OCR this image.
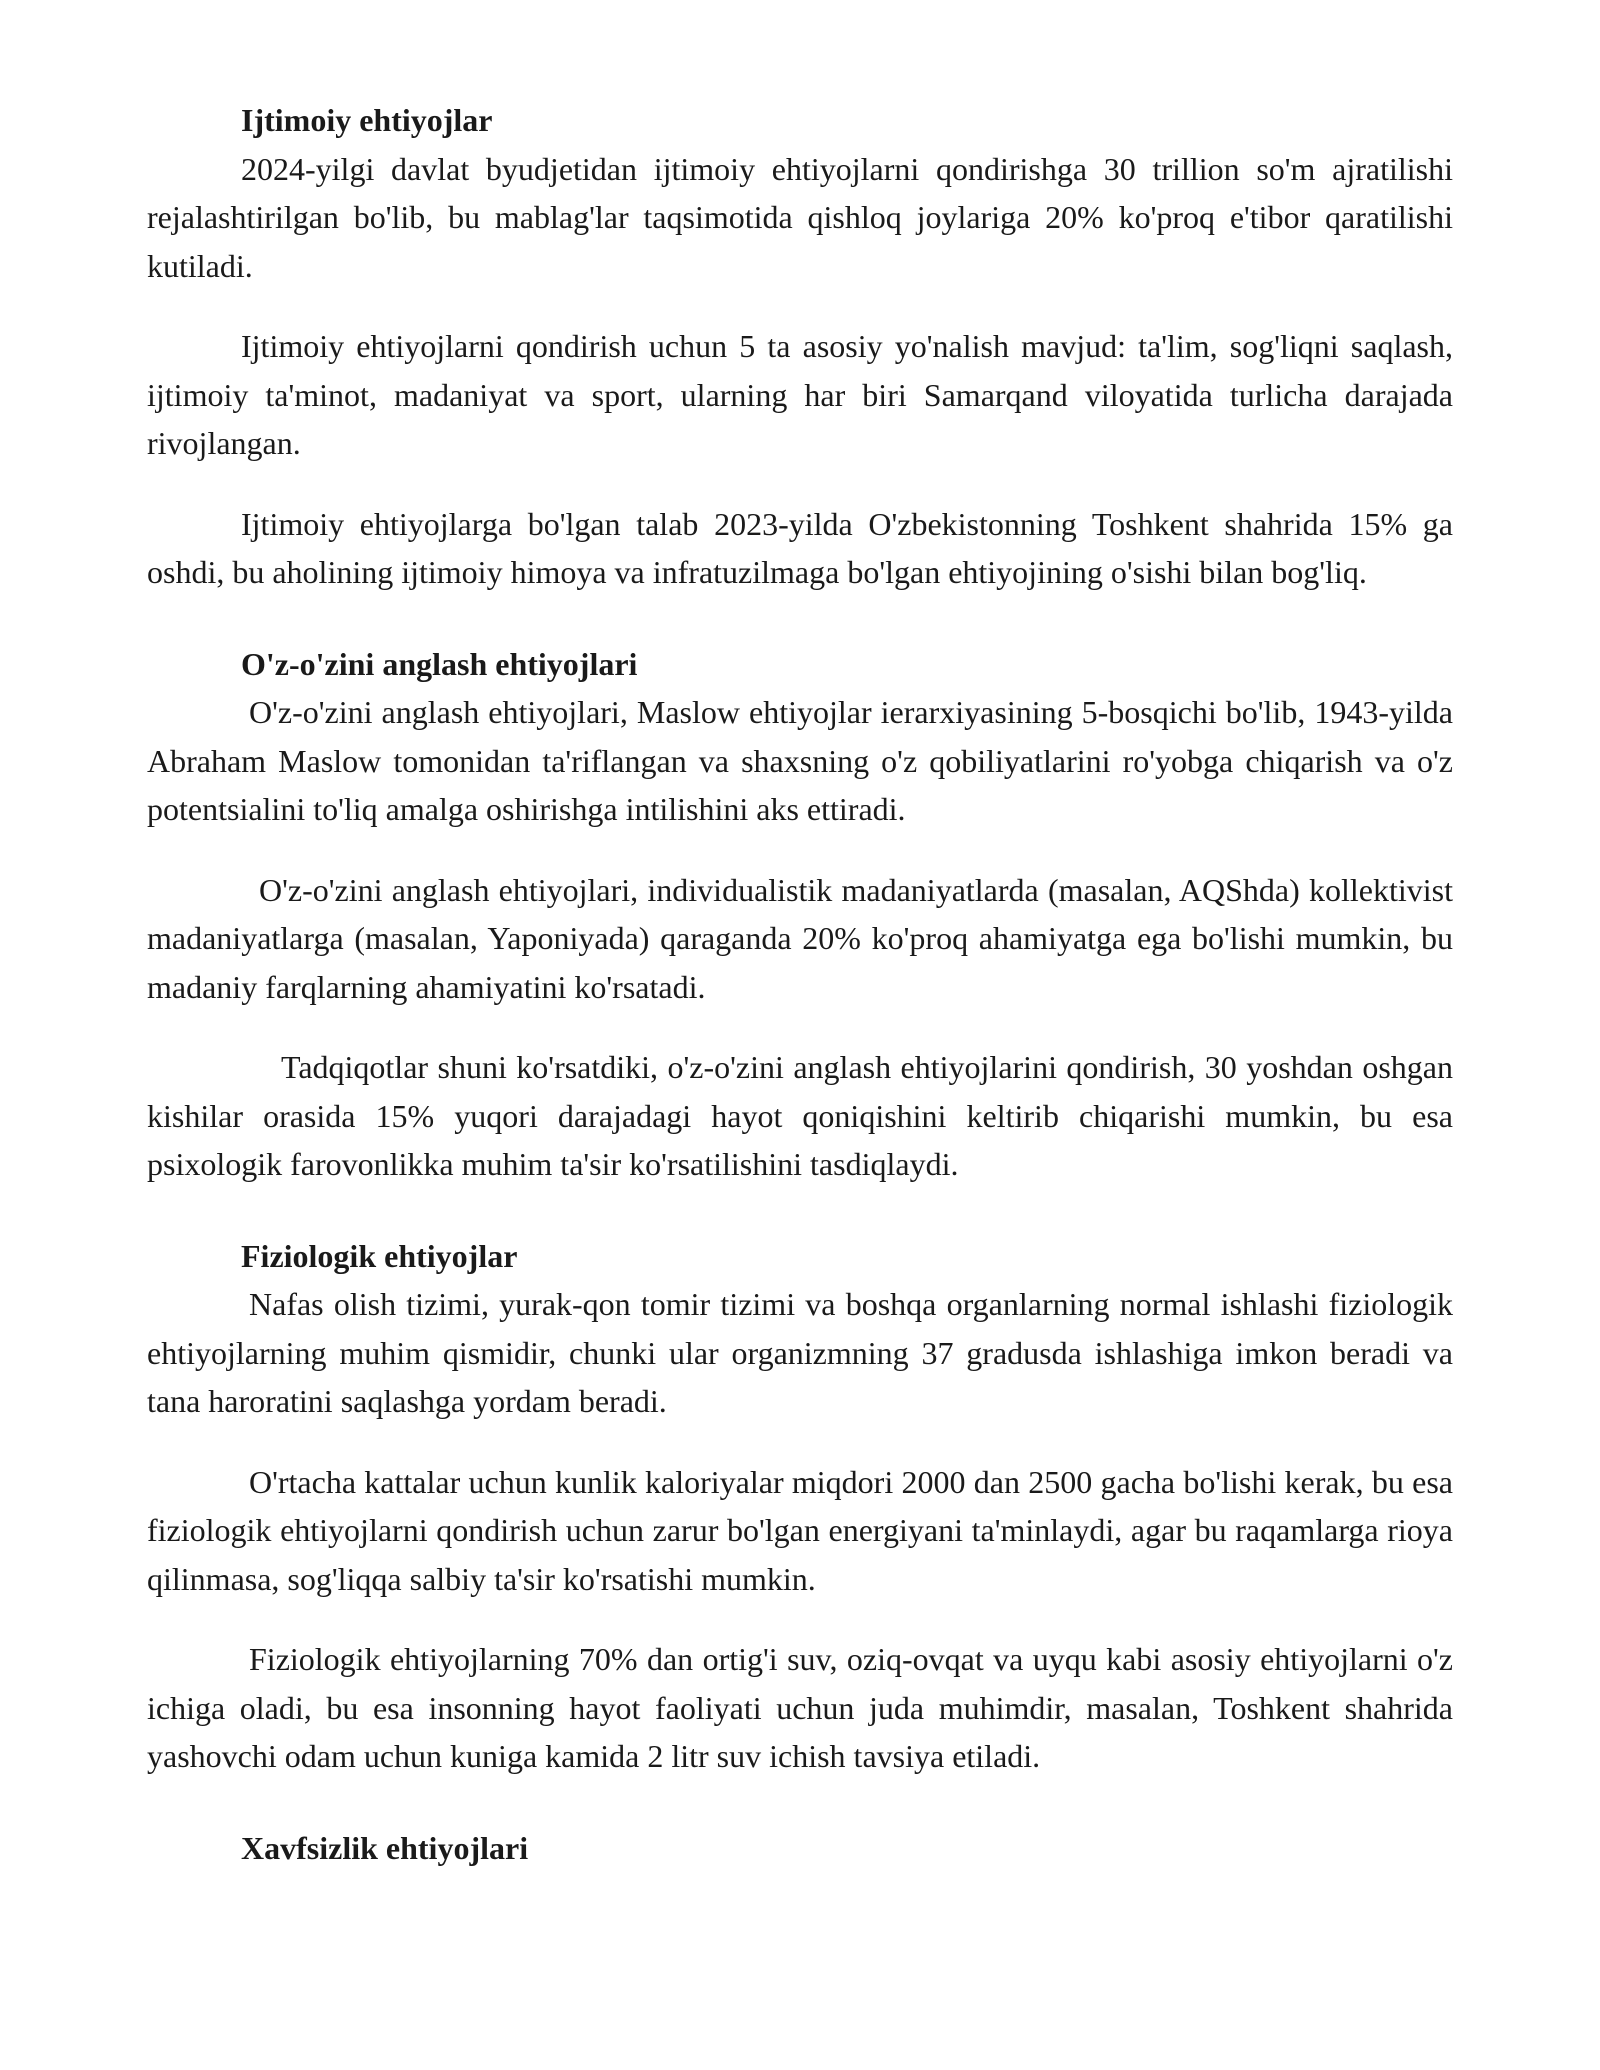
Ijtimoiy ehtiyojlar

2024-yilgi davlat byudjetidan ijtimoiy ehtiyojlarni qondirishga 30 trillion so'm ajratilishi rejalashtirilgan bo'lib, bu mablag'lar taqsimotida qishloq joylariga 20% ko'proq e'tibor qaratilishi kutiladi.

Ijtimoiy ehtiyojlarni qondirish uchun 5 ta asosiy yo'nalish mavjud: ta'lim, sog'liqni saqlash, ijtimoiy ta'minot, madaniyat va sport, ularning har biri Samarqand viloyatida turlicha darajada rivojlangan.

Ijtimoiy ehtiyojlarga bo'lgan talab 2023-yilda O'zbekistonning Toshkent shahrida 15% ga oshdi, bu aholining ijtimoiy himoya va infratuzilmaga bo'lgan ehtiyojining o'sishi bilan bog'liq.

O'z-o'zini anglash ehtiyojlari

O'z-o'zini anglash ehtiyojlari, Maslow ehtiyojlar ierarxiyasining 5-bosqichi bo'lib, 1943-yilda Abraham Maslow tomonidan ta'riflangan va shaxsning o'z qobiliyatlarini ro'yobga chiqarish va o'z potentsialini to'liq amalga oshirishga intilishini aks ettiradi.

O'z-o'zini anglash ehtiyojlari, individualistik madaniyatlarda (masalan, AQShda) kollektivist madaniyatlarga (masalan, Yaponiyada) qaraganda 20% ko'proq ahamiyatga ega bo'lishi mumkin, bu madaniy farqlarning ahamiyatini ko'rsatadi.

Tadqiqotlar shuni ko'rsatdiki, o'z-o'zini anglash ehtiyojlarini qondirish, 30 yoshdan oshgan kishilar orasida 15% yuqori darajadagi hayot qoniqishini keltirib chiqarishi mumkin, bu esa psixologik farovonlikka muhim ta'sir ko'rsatilishini tasdiqlaydi.

Fiziologik ehtiyojlar

Nafas olish tizimi, yurak-qon tomir tizimi va boshqa organlarning normal ishlashi fiziologik ehtiyojlarning muhim qismidir, chunki ular organizmning 37 gradusda ishlashiga imkon beradi va tana haroratini saqlashga yordam beradi.

O'rtacha kattalar uchun kunlik kaloriyalar miqdori 2000 dan 2500 gacha bo'lishi kerak, bu esa fiziologik ehtiyojlarni qondirish uchun zarur bo'lgan energiyani ta'minlaydi, agar bu raqamlarga rioya qilinmasa, sog'liqqa salbiy ta'sir ko'rsatishi mumkin.

Fiziologik ehtiyojlarning 70% dan ortig'i suv, oziq-ovqat va uyqu kabi asosiy ehtiyojlarni o'z ichiga oladi, bu esa insonning hayot faoliyati uchun juda muhimdir, masalan, Toshkent shahrida yashovchi odam uchun kuniga kamida 2 litr suv ichish tavsiya etiladi.

Xavfsizlik ehtiyojlari
